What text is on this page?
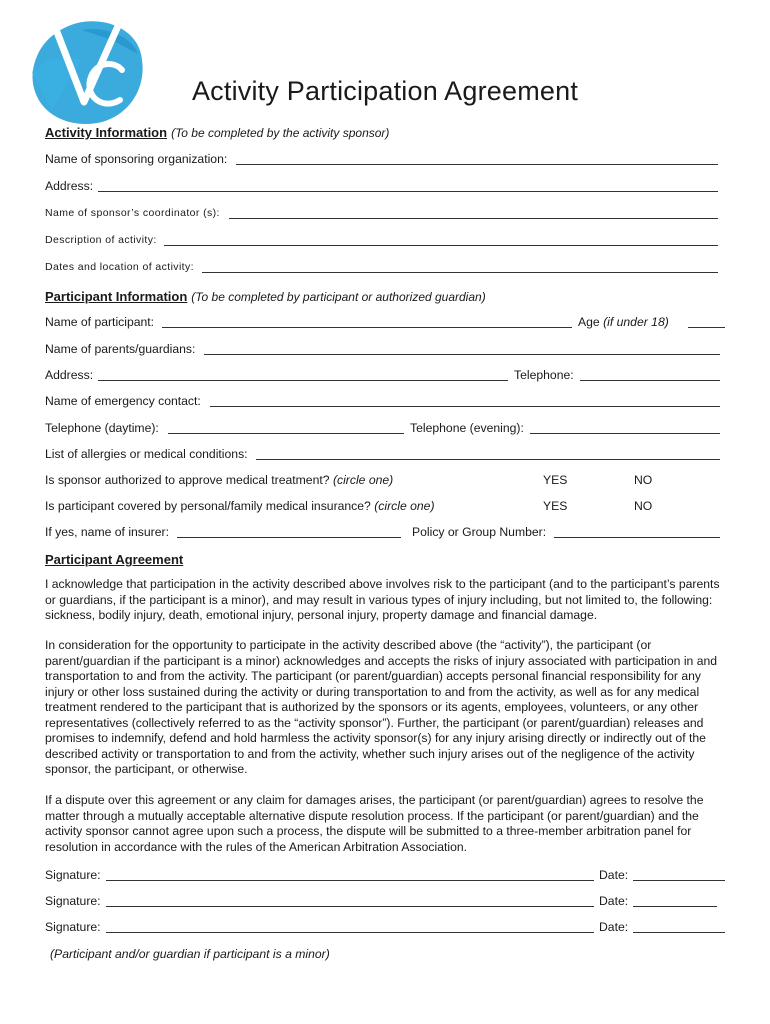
Activity Participation Agreement
Activity Information (To be completed by the activity sponsor)
Name of sponsoring organization:
Address:
Name of sponsor’s coordinator (s):
Description of activity:
Dates and location of activity:
Participant Information (To be completed by participant or authorized guardian)
Name of participant:	Age (if under 18)
Name of parents/guardians:
Address:	Telephone:
Name of emergency contact:
Telephone (daytime):	Telephone (evening):
List of allergies or medical conditions:
Is sponsor authorized to approve medical treatment? (circle one)	YES	NO
Is participant covered by personal/family medical insurance? (circle one)	YES	NO
If yes, name of insurer:	Policy or Group Number:
Participant Agreement
I acknowledge that participation in the activity described above involves risk to the participant (and to the participant’s parents or guardians, if the participant is a minor), and may result in various types of injury including, but not limited to, the following: sickness, bodily injury, death, emotional injury, personal injury, property damage and financial damage.
In consideration for the opportunity to participate in the activity described above (the “activity”), the participant (or parent/guardian if the participant is a minor) acknowledges and accepts the risks of injury associated with participation in and transportation to and from the activity. The participant (or parent/guardian) accepts personal financial responsibility for any injury or other loss sustained during the activity or during transportation to and from the activity, as well as for any medical treatment rendered to the participant that is authorized by the sponsors or its agents, employees, volunteers, or any other representatives (collectively referred to as the “activity sponsor”). Further, the participant (or parent/guardian) releases and promises to indemnify, defend and hold harmless the activity sponsor(s) for any injury arising directly or indirectly out of the described activity or transportation to and from the activity, whether such injury arises out of the negligence of the activity sponsor, the participant, or otherwise.
If a dispute over this agreement or any claim for damages arises, the participant (or parent/guardian) agrees to resolve the matter through a mutually acceptable alternative dispute resolution process. If the participant (or parent/guardian) and the activity sponsor cannot agree upon such a process, the dispute will be submitted to a three-member arbitration panel for resolution in accordance with the rules of the American Arbitration Association.
Signature:	Date:
Signature:	Date:
Signature:	Date:
(Participant and/or guardian if participant is a minor)
